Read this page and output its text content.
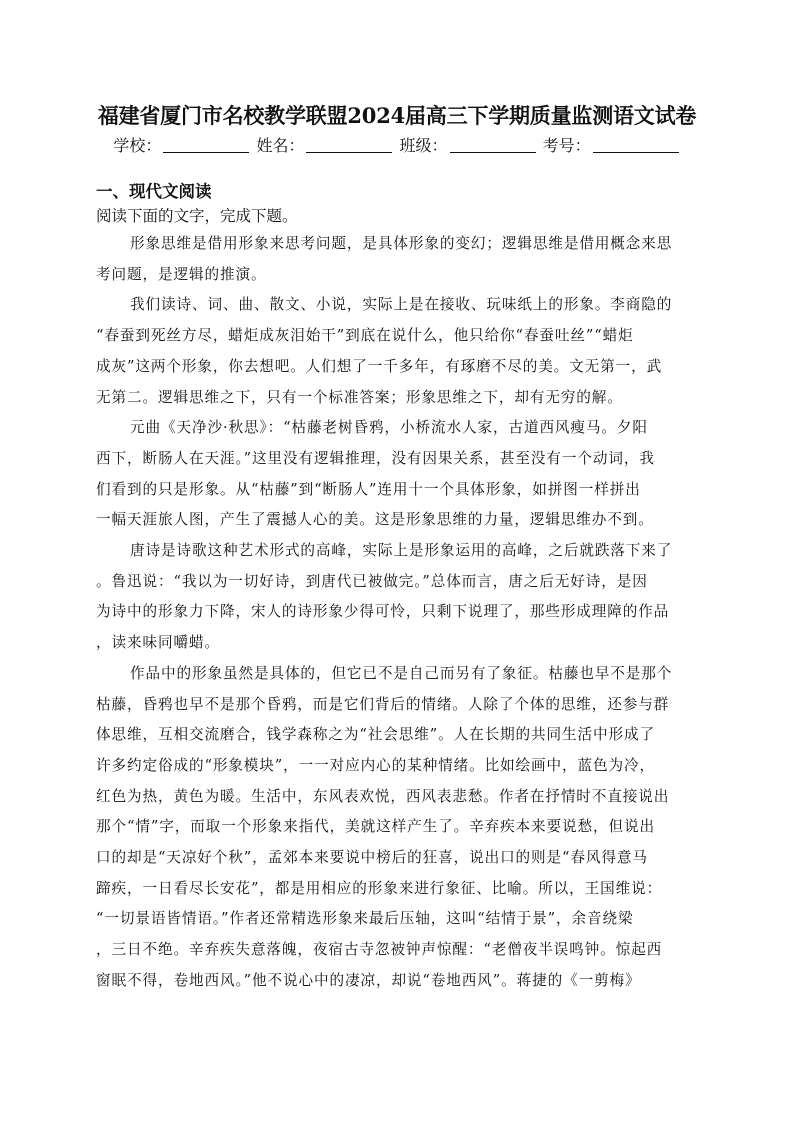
福建省厦门市名校教学联盟2024届高三下学期质量监测语文试卷
学校：	姓名：	班级：	考号：
一、现代文阅读
阅读下面的文字，完成下题。
形象思维是借用形象来思考问题，是具体形象的变幻；逻辑思维是借用概念来思
考问题，是逻辑的推演。
我们读诗、词、曲、散文、小说，实际上是在接收、玩味纸上的形象。李商隐的
“春蚕到死丝方尽，蜡炬成灰泪始干”到底在说什么，他只给你“春蚕吐丝”“蜡炬
成灰”这两个形象，你去想吧。人们想了一千多年，有琢磨不尽的美。文无第一，武
无第二。逻辑思维之下，只有一个标准答案；形象思维之下，却有无穷的解。
元曲《天净沙·秋思》：“枯藤老树昏鸦，小桥流水人家，古道西风瘦马。夕阳
西下，断肠人在天涯。”这里没有逻辑推理，没有因果关系，甚至没有一个动词，我
们看到的只是形象。从“枯藤”到“断肠人”连用十一个具体形象，如拼图一样拼出
一幅天涯旅人图，产生了震撼人心的美。这是形象思维的力量，逻辑思维办不到。
唐诗是诗歌这种艺术形式的高峰，实际上是形象运用的高峰，之后就跌落下来了
。鲁迅说：“我以为一切好诗，到唐代已被做完。”总体而言，唐之后无好诗，是因
为诗中的形象力下降，宋人的诗形象少得可怜，只剩下说理了，那些形成理障的作品
，读来味同嚼蜡。
作品中的形象虽然是具体的，但它已不是自己而另有了象征。枯藤也早不是那个
枯藤，昏鸦也早不是那个昏鸦，而是它们背后的情绪。人除了个体的思维，还参与群
体思维，互相交流磨合，钱学森称之为“社会思维”。人在长期的共同生活中形成了
许多约定俗成的“形象模块”，一一对应内心的某种情绪。比如绘画中，蓝色为冷，
红色为热，黄色为暖。生活中，东风表欢悦，西风表悲愁。作者在抒情时不直接说出
那个“情”字，而取一个形象来指代，美就这样产生了。辛弃疾本来要说愁，但说出
口的却是“天凉好个秋”，孟郊本来要说中榜后的狂喜，说出口的则是“春风得意马
蹄疾，一日看尽长安花”，都是用相应的形象来进行象征、比喻。所以，王国维说：
“一切景语皆情语。”作者还常精选形象来最后压轴，这叫“结情于景”，余音绕梁
，三日不绝。辛弃疾失意落魄，夜宿古寺忽被钟声惊醒：“老僧夜半误鸣钟。惊起西
窗眠不得，卷地西风。”他不说心中的凄凉，却说“卷地西风”。蒋捷的《一剪梅》
